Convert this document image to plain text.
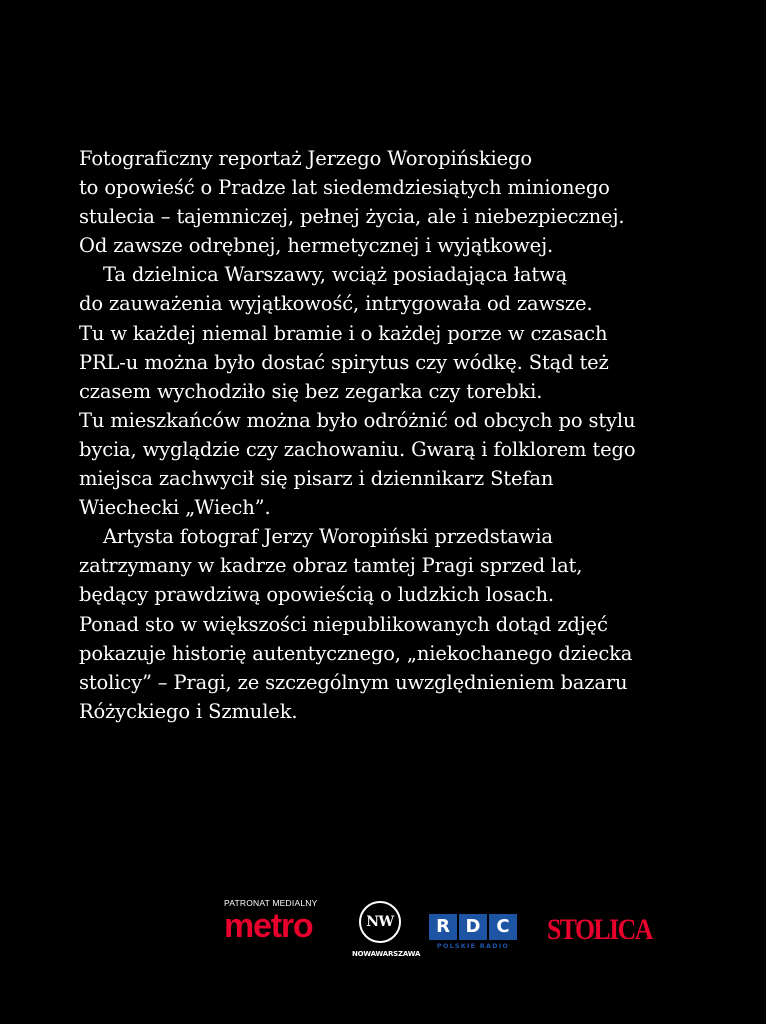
Fotograficzny reportaż Jerzego Woropińskiego
to opowieść o Pradze lat siedemdziesiątych minionego
stulecia – tajemniczej, pełnej życia, ale i niebezpiecznej.
Od zawsze odrębnej, hermetycznej i wyjątkowej.

Ta dzielnica Warszawy, wciąż posiadająca łatwą
do zauważenia wyjątkowość, intrygowała od zawsze.
Tu w każdej niemal bramie i o każdej porze w czasach
PRL-u można było dostać spirytus czy wódkę. Stąd też
czasem wychodziło się bez zegarka czy torebki.
Tu mieszkańców można było odróżnić od obcych po stylu
bycia, wyglądzie czy zachowaniu. Gwarą i folklorem tego
miejsca zachwycił się pisarz i dziennikarz Stefan
Wiechecki „Wiech”.

Artysta fotograf Jerzy Woropiński przedstawia
zatrzymany w kadrze obraz tamtej Pragi sprzed lat,
będący prawdziwą opowieścią o ludzkich losach.
Ponad sto w większości niepublikowanych dotąd zdjęć
pokazuje historię autentycznego, „niekochanego dziecka
stolicy” – Pragi, ze szczególnym uwzględnieniem bazaru
Różyckiego i Szmulek.

PATRONAT MEDIALNY
metro	NW
NOWAWARSZAWA
R D C
POLSKIE RADIO STOLICA
